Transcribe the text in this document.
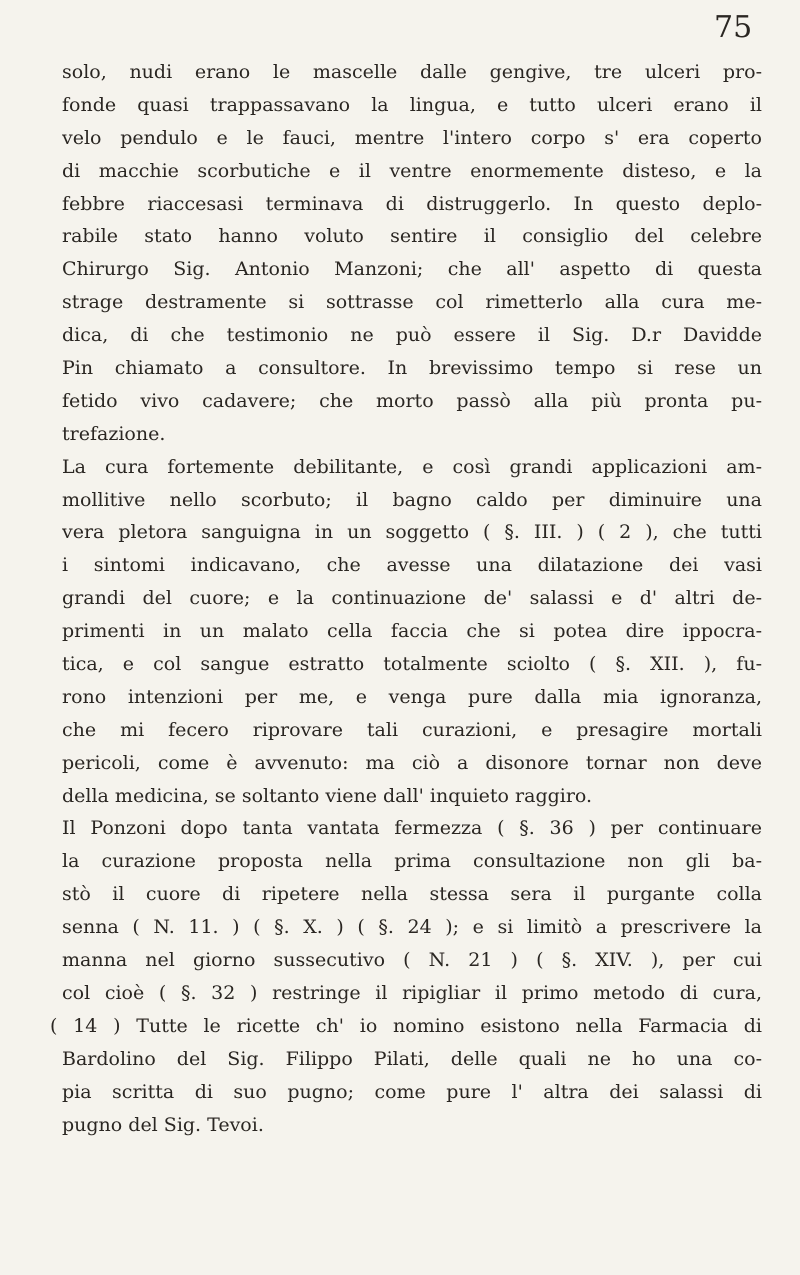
75
solo, nudi erano le mascelle dalle gengive, tre ulceri pro-
fonde quasi trappassavano la lingua, e tutto ulceri erano il
velo pendulo e le fauci, mentre l'intero corpo s' era coperto
di macchie scorbutiche e il ventre enormemente disteso, e la
febbre riaccesasi terminava di distruggerlo. In questo deplo-
rabile stato hanno voluto sentire il consiglio del celebre
Chirurgo Sig. Antonio Manzoni; che all' aspetto di questa
strage destramente si sottrasse col rimetterlo alla cura me-
dica, di che testimonio ne può essere il Sig. D.r Davidde
Pin chiamato a consultore. In brevissimo tempo si rese un
fetido vivo cadavere; che morto passò alla più pronta pu-
trefazione.
La cura fortemente debilitante, e così grandi applicazioni am-
mollitive nello scorbuto; il bagno caldo per diminuire una
vera pletora sanguigna in un soggetto ( §. III. ) ( 2 ), che tutti
i sintomi indicavano, che avesse una dilatazione dei vasi
grandi del cuore; e la continuazione de' salassi e d' altri de-
primenti in un malato cella faccia che si potea dire ippocra-
tica, e col sangue estratto totalmente sciolto ( §. XII. ), fu-
rono intenzioni per me, e venga pure dalla mia ignoranza,
che mi fecero riprovare tali curazioni, e presagire mortali
pericoli, come è avvenuto: ma ciò a disonore tornar non deve
della medicina, se soltanto viene dall' inquieto raggiro.
Il Ponzoni dopo tanta vantata fermezza ( §. 36 ) per continuare
la curazione proposta nella prima consultazione non gli ba-
stò il cuore di ripetere nella stessa sera il purgante colla
senna ( N. 11. ) ( §. X. ) ( §. 24 ); e si limitò a prescrivere la
manna nel giorno sussecutivo ( N. 21 ) ( §. XIV. ), per cui
col cioè ( §. 32 ) restringe il ripigliar il primo metodo di cura,
( 14 ) Tutte le ricette ch' io nomino esistono nella Farmacia di
Bardolino del Sig. Filippo Pilati, delle quali ne ho una co-
pia scritta di suo pugno; come pure l' altra dei salassi di
pugno del Sig. Tevoi.
